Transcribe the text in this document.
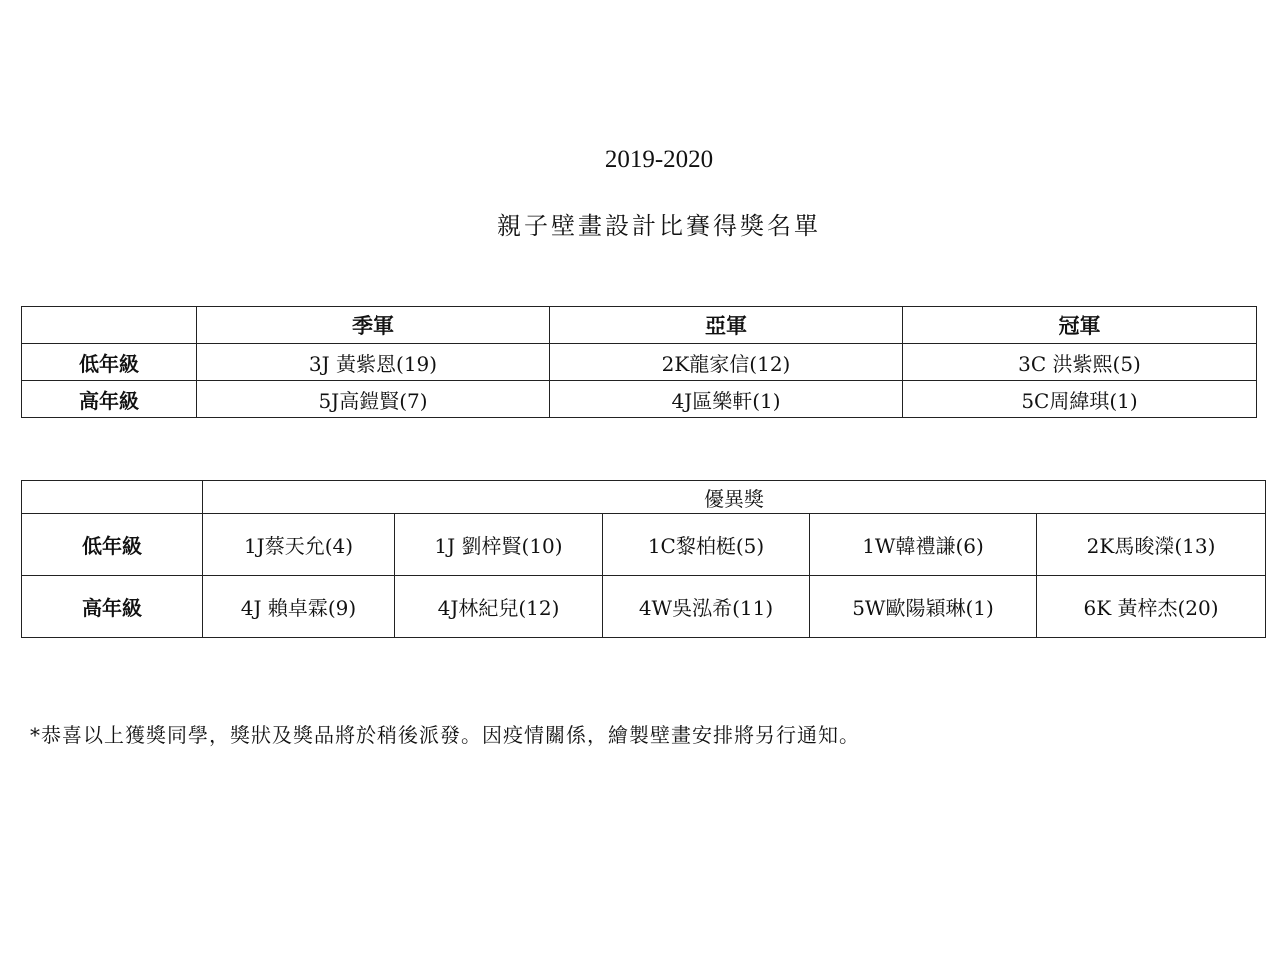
2019-2020
親子壁畫設計比賽得獎名單
	季軍	亞軍	冠軍
低年級	3J 黃紫恩(19)	2K龍家信(12)	3C 洪紫熙(5)
高年級	5J高鎧賢(7)	4J區樂軒(1)	5C周緯琪(1)
	優異獎				
低年級	1J蔡天允(4)	1J 劉梓賢(10)	1C黎柏梃(5)	1W韓禮謙(6)	2K馬晙濚(13)
高年級	4J 賴卓霖(9)	4J林紀兒(12)	4W吳泓希(11)	5W歐陽穎琳(1)	6K 黃梓杰(20)
*恭喜以上獲獎同學，獎狀及獎品將於稍後派發。因疫情關係，繪製壁畫安排將另行通知。
